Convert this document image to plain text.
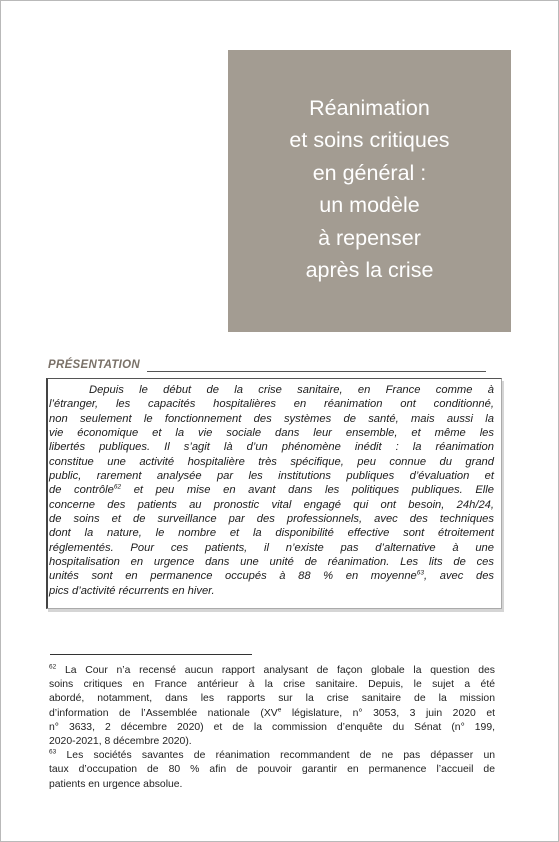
Réanimation
et soins critiques
en général :
un modèle
à repenser
après la crise
PRÉSENTATION
Depuis le début de la crise sanitaire, en France comme à
l’étranger, les capacités hospitalières en réanimation ont conditionné,
non seulement le fonctionnement des systèmes de santé, mais aussi la
vie économique et la vie sociale dans leur ensemble, et même les
libertés publiques. Il s’agit là d’un phénomène inédit : la réanimation
constitue une activité hospitalière très spécifique, peu connue du grand
public, rarement analysée par les institutions publiques d’évaluation et
de contrôle$^{62}$ et peu mise en avant dans les politiques publiques. Elle
concerne des patients au pronostic vital engagé qui ont besoin, 24h/24,
de soins et de surveillance par des professionnels, avec des techniques
dont la nature, le nombre et la disponibilité effective sont étroitement
réglementés. Pour ces patients, il n’existe pas d’alternative à une
hospitalisation en urgence dans une unité de réanimation. Les lits de ces
unités sont en permanence occupés à 88 % en moyenne$^{63}$, avec des
pics d’activité récurrents en hiver.
$^{62}$ La Cour n’a recensé aucun rapport analysant de façon globale la question des
soins critiques en France antérieur à la crise sanitaire. Depuis, le sujet a été
abordé, notamment, dans les rapports sur la crise sanitaire de la mission
d’information de l’Assemblée nationale (XVe législature, n° 3053, 3 juin 2020 et
n° 3633, 2 décembre 2020) et de la commission d’enquête du Sénat (n° 199,
2020-2021, 8 décembre 2020).
$^{63}$ Les sociétés savantes de réanimation recommandent de ne pas dépasser un
taux d’occupation de 80 % afin de pouvoir garantir en permanence l’accueil de
patients en urgence absolue.
